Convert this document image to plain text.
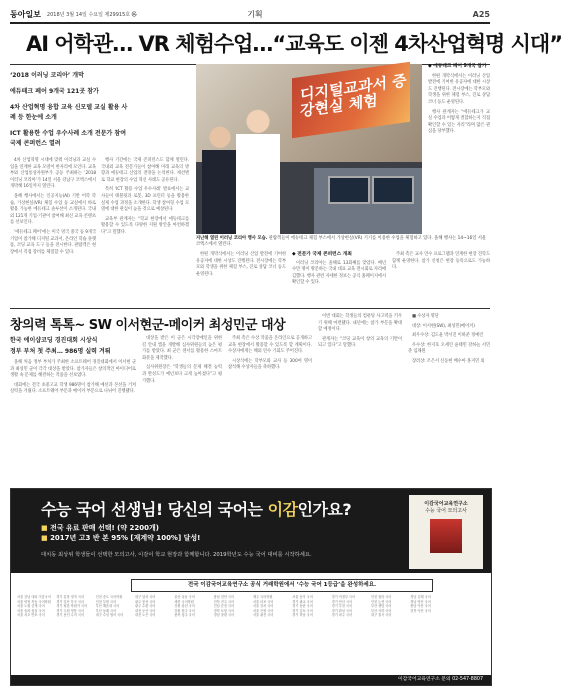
동아일보 2018년 3월 14일 수요일 제29915호 ㉿	기획	A25
AI 어학관… VR 체험수업…“교육도 이젠 4차산업혁명 시대”

‘2018 이러닝 코리아’ 개막

에듀테크 페어 9개국 121곳 참가

4차 산업혁명 융합 교육 신모델 교실 활용 사례 등 한눈에 소개

ICT 활용한 수업 우수사례 소개 전문가 참여 국제 콘퍼런스 열려

4차 산업혁명 시대에 맞춰 이러닝과 교실 수업을 연계한 교육 모델이 한자리에 모인다. 교육부와 산업통상자원부가 공동 주최하는 ‘2018 이러닝 코리아’가 14일 서울 강남구 코엑스에서 개막해 16일까지 열린다.

올해 행사에서는 인공지능(AI) 기반 어학 학습, 가상현실(VR) 체험 수업 등 교실에서 바로 활용 가능한 에듀테크 솔루션이 소개된다. 국내외 121개 기업·기관이 참여해 최신 교육 콘텐츠를 선보인다.

‘에듀테크 페어’에는 미국 영국 중국 등 9개국 기업이 참가해 디지털 교과서, 온라인 학습 플랫폼, 코딩 교육 도구 등을 전시한다. 관람객은 현장에서 직접 장비를 체험할 수 있다.

행사 기간에는 국제 콘퍼런스도 함께 열린다. 국내외 교육 전문가들이 참여해 미래 교육의 방향과 에듀테크 산업의 전망을 논의한다. 세션별로 학교 현장의 수업 혁신 사례도 공유된다.

특히 ‘ICT 활용 수업 우수사례’ 발표에서는 교사들이 태블릿과 로봇, 3D 프린터 등을 활용한 실제 수업 과정을 소개한다. 학생 참여형 수업 모델에 대한 관심이 높을 것으로 예상된다.

교육부 관계자는 “학교 현장에서 에듀테크를 활용할 수 있도록 다양한 지원 방안을 마련하겠다”고 말했다.

디지털교과서 증강현실 체험
지난해 열린 이러닝 코리아 행사 모습. 관람객들이 에듀테크 체험 부스에서 가상현실(VR) 기기를 이용한 수업을 체험하고 있다. 올해 행사는 14~16일 서울 코엑스에서 열린다.
◆ 에듀테크 페어 9개국 참가

한편 개막식에서는 이러닝 산업 발전에 기여한 유공자에 대한 시상도 진행된다. 전시장에는 학부모와 학생을 위한 체험 부스, 진로 상담 코너 등도 운영된다.

행사 관계자는 “에듀테크가 교실 수업과 어떻게 결합하는지 직접 확인할 수 있는 자리”라며 많은 관심을 당부했다.

한편 개막식에서는 이러닝 산업 발전에 기여한 유공자에 대한 시상도 진행된다. 전시장에는 학부모와 학생을 위한 체험 부스, 진로 상담 코너 등도 운영된다.

◆ 전문가 국제 콘퍼런스 개최

이러닝 코리아는 올해로 13회째를 맞았다. 매년 수만 명이 방문하는 국내 대표 교육 전시회로 자리매김했다. 행사 관련 자세한 정보는 공식 홈페이지에서 확인할 수 있다.

주최 측은 교사 연수 프로그램과 연계한 현장 견학도 함께 운영한다. 참가 신청은 현장 등록으로도 가능하다.

창의력 톡톡~ SW 이서현군-메이커 최성민군 대상

한국 에이샵코딩 경진대회 시상식

정부 부처 첫 주최… 986명 실력 겨뤄

올해 처음 정부 부처가 주최한 소프트웨어 경진대회에서 이서현 군과 최성민 군이 각각 대상을 받았다. 참가자들은 창의적인 아이디어로 생활 속 문제를 해결하는 작품을 선보였다.

대회에는 전국 초중고교 학생 986명이 참가해 예선과 본선을 거쳐 실력을 겨뤘다. 소프트웨어 부문과 메이커 부문으로 나뉘어 진행됐다.

대상을 받은 이 군은 시각장애인을 위한 길 안내 앱을 개발해 심사위원들의 높은 평가를 받았다. 최 군은 센서를 활용한 스마트 화분을 제작했다.

심사위원장은 “학생들의 문제 해결 능력과 완성도가 예년보다 크게 높아졌다”고 평가했다.

주최 측은 수상 작품을 온라인으로 공개하고 교육 현장에서 활용할 수 있도록 할 계획이다. 수상자에게는 해외 연수 기회도 주어진다.

시상식에는 학부모와 교사 등 300여 명이 참석해 수상자들을 축하했다.

이번 대회는 학생들의 컴퓨팅 사고력을 키우기 위해 마련됐다. 내년에는 참가 부문을 확대할 예정이다.

관계자는 “코딩 교육이 창의 교육의 기반이 되고 있다”고 말했다.

■ 수상자 명단

대상: 이서현(SW), 최성민(메이커)

최우수상: 김도윤 박서진 이하준 정예린

우수상: 한지호 오세린 윤태민 강하늘 서민준 임채원

장려상: 조은서 신동현 배수아 홍지민 외

수능 국어 선생님! 당신의 국어는 이감인가요?
■ 전국 유료 판매 선택! (약 2200개)
■ 2017년 고3 반 본 95% [재계약 100%] 달성!
대치동 최상위 학생들이 선택한 모의고사, 이감이 학교 현장과 함께합니다. 2019학년도 수능 국어 대비를 시작하세요.
이감국어교육연구소
수능 국어 모의고사
전국 이감국어교육연구소 공식 거래학원에서 ‘수능 국어 1등급’을 완성하세요.
서울 강남 대치 이감국어
서울 양천 목동 국어학원
서울 노원 중계 국어
서울 송파 잠실 국어
서울 서초 반포 국어
경기 분당 정자 국어
경기 일산 후곡 국어
경기 평촌 학원가 국어
경기 수원 영통 국어
경기 용인 수지 국어
인천 송도 국어학원
인천 부평 국어
부산 해운대 국어
부산 동래 국어
대구 수성 범어 국어
대구 달서 국어
광주 봉선 국어
광주 수완 국어
대전 둔산 국어
대전 노은 국어
울산 옥동 국어
세종 국어학원
강원 춘천 국어
강원 원주 국어
충북 청주 국어
충남 천안 국어
전북 전주 국어
전남 순천 국어
경북 포항 국어
경남 창원 국어
제주 국어학원
서울 마포 국어
서울 강서 국어
서울 은평 국어
서울 광진 국어
서울 동작 국어
경기 광교 국어
경기 동탄 국어
경기 김포 국어
경기 하남 국어
경기 의정부 국어
경기 안산 국어
경기 부천 국어
경기 화성 국어
경기 파주 국어
인천 청라 국어
인천 논현 국어
부산 센텀 국어
부산 사하 국어
대구 칠곡 국어
경남 김해 국어
경남 양산 국어
충남 아산 국어
전북 익산 국어
이감국어교육연구소 문의 02-547-8807
